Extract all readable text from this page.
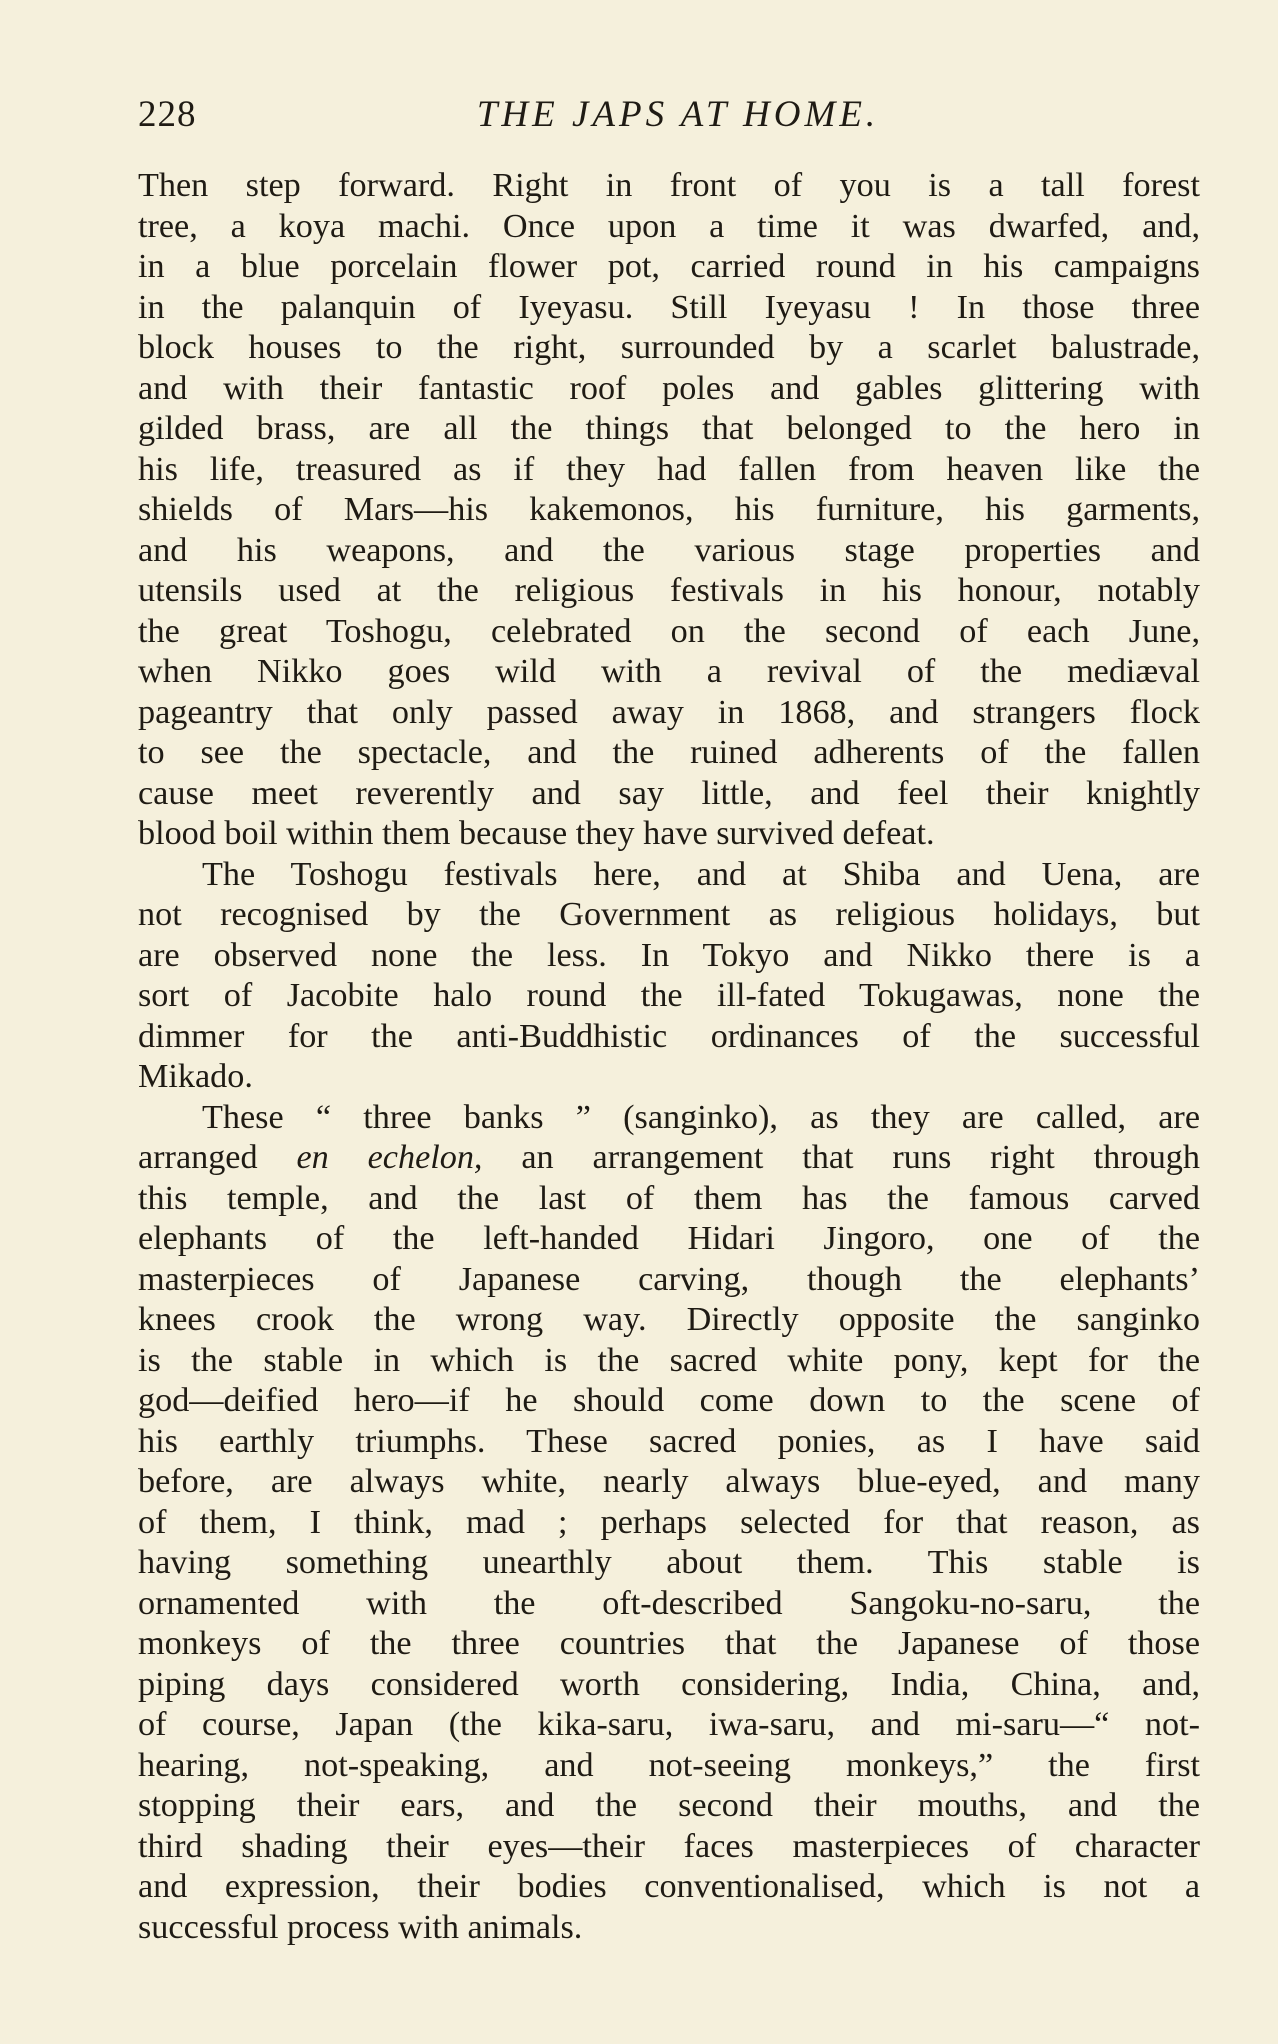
228	THE JAPS AT HOME.
Then step forward. Right in front of you is a tall forest
tree, a koya machi. Once upon a time it was dwarfed, and,
in a blue porcelain flower pot, carried round in his campaigns
in the palanquin of Iyeyasu. Still Iyeyasu ! In those three
block houses to the right, surrounded by a scarlet balustrade,
and with their fantastic roof poles and gables glittering with
gilded brass, are all the things that belonged to the hero in
his life, treasured as if they had fallen from heaven like the
shields of Mars—his kakemonos, his furniture, his garments,
and his weapons, and the various stage properties and
utensils used at the religious festivals in his honour, notably
the great Toshogu, celebrated on the second of each June,
when Nikko goes wild with a revival of the mediæval
pageantry that only passed away in 1868, and strangers flock
to see the spectacle, and the ruined adherents of the fallen
cause meet reverently and say little, and feel their knightly
blood boil within them because they have survived defeat.
The Toshogu festivals here, and at Shiba and Uena, are
not recognised by the Government as religious holidays, but
are observed none the less. In Tokyo and Nikko there is a
sort of Jacobite halo round the ill-fated Tokugawas, none the
dimmer for the anti-Buddhistic ordinances of the successful
Mikado.
These “ three banks ” (sanginko), as they are called, are
arranged en echelon, an arrangement that runs right through
this temple, and the last of them has the famous carved
elephants of the left-handed Hidari Jingoro, one of the
masterpieces of Japanese carving, though the elephants’
knees crook the wrong way. Directly opposite the sanginko
is the stable in which is the sacred white pony, kept for the
god—deified hero—if he should come down to the scene of
his earthly triumphs. These sacred ponies, as I have said
before, are always white, nearly always blue-eyed, and many
of them, I think, mad ; perhaps selected for that reason, as
having something unearthly about them. This stable is
ornamented with the oft-described Sangoku-no-saru, the
monkeys of the three countries that the Japanese of those
piping days considered worth considering, India, China, and,
of course, Japan (the kika-saru, iwa-saru, and mi-saru—“ not-
hearing, not-speaking, and not-seeing monkeys,” the first
stopping their ears, and the second their mouths, and the
third shading their eyes—their faces masterpieces of character
and expression, their bodies conventionalised, which is not a
successful process with animals.
